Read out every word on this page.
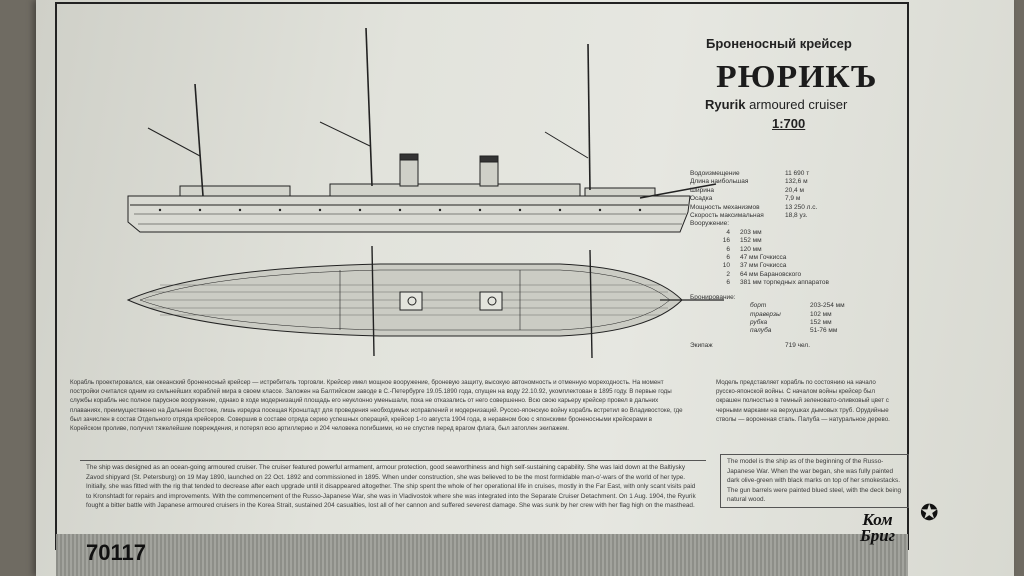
Броненосный крейсер
РЮРИКЪ
Ryurik armoured cruiser
1:700
Водоизмещение	11 690 т
Длина наибольшая	132,6 м
Ширина	20,4 м
Осадка	7,9 м
Мощность механизмов	13 250 л.с.
Скорость максимальная	18,8 уз.
Вооружение:
4	203 мм
16	152 мм
6	120 мм
6	47 мм Гочкисса
10	37 мм Гочкисса
2	64 мм Барановского
6	381 мм торпедных аппаратов
Бронирование:
борт	203-254 мм
траверзы	102 мм
рубка	152 мм
палуба	51-76 мм
Экипаж	719 чел.
Корабль проектировался, как океанский броненосный крейсер — истребитель торговли. Крейсер имел мощное вооружение, броневую защиту, высокую автономность и отменную мореходность. На момент постройки считался одним из сильнейших кораблей мира в своем классе. Заложен на Балтийском заводе в С.-Петербурге 19.05.1890 года, спущен на воду 22.10.92, укомплектован в 1895 году. В первые годы службы корабль нес полное парусное вооружение, однако в ходе модернизаций площадь его неуклонно уменьшали, пока не отказались от него совершенно. Всю свою карьеру крейсер провел в дальних плаваниях, преимущественно на Дальнем Востоке, лишь изредка посещая Кронштадт для проведения необходимых исправлений и модернизаций. Русско-японскую войну корабль встретил во Владивостоке, где был зачислен в состав Отдельного отряда крейсеров. Совершив в составе отряда серию успешных операций, крейсер 1-го августа 1904 года, в неравном бою с японскими броненосными крейсерами в Корейском проливе, получил тяжелейшие повреждения, и потерял всю артиллерию и 204 человека погибшими, но не спустив перед врагом флага, был затоплен экипажем.
Модель представляет корабль по состоянию на начало русско-японской войны. С началом войны крейсер был окрашен полностью в темный зеленовато-оливковый цвет с черными марками на верхушках дымовых труб. Орудийные стволы — вороненая сталь. Палуба — натуральное дерево.
The ship was designed as an ocean-going armoured cruiser. The cruiser featured powerful armament, armour protection, good seaworthiness and high self-sustaining capability. She was laid down at the Baltiysky Zavod shipyard (St. Petersburg) on 19 May 1890, launched on 22 Oct. 1892 and commissioned in 1895. When under construction, she was believed to be the most formidable man-o'-wars of the world of her type. Initially, she was fitted with the rig that tended to decrease after each upgrade until it disappeared altogether. The ship spent the whole of her operational life in cruises, mostly in the Far East, with only scant visits paid to Kronshtadt for repairs and improvements. With the commencement of the Russo-Japanese War, she was in Vladivostok where she was integrated into the Separate Cruiser Detachment. On 1 Aug. 1904, the Ryurik fought a bitter battle with Japanese armoured cruisers in the Korea Strait, sustained 204 casualties, lost all of her cannon and suffered severest damage. She was sunk by her crew with her flag high on the masthead.
The model is the ship as of the beginning of the Russo-Japanese War. When the war began, she was fully painted dark olive-green with black marks on top of her smokestacks. The gun barrels were painted blued steel, with the deck being natural wood.
70117
Ком
Бриг
✪
